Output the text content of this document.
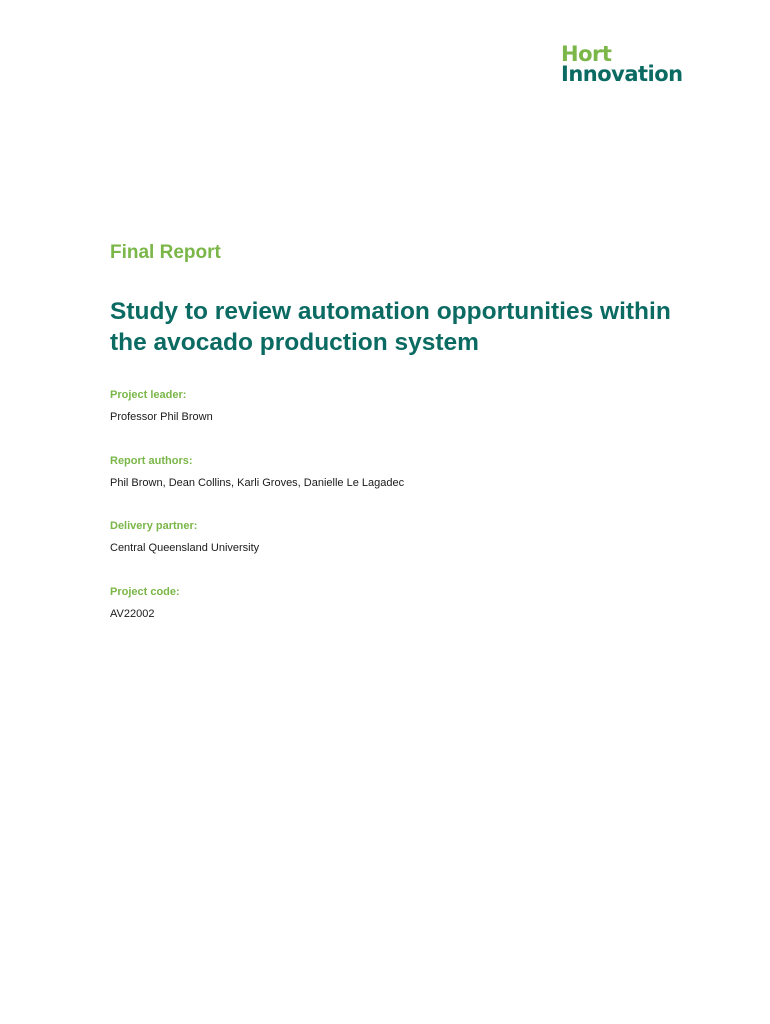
Hort
Innovation
Final Report
Study to review automation opportunities within the avocado production system
Project leader:
Professor Phil Brown
Report authors:
Phil Brown, Dean Collins, Karli Groves, Danielle Le Lagadec
Delivery partner:
Central Queensland University
Project code:
AV22002
